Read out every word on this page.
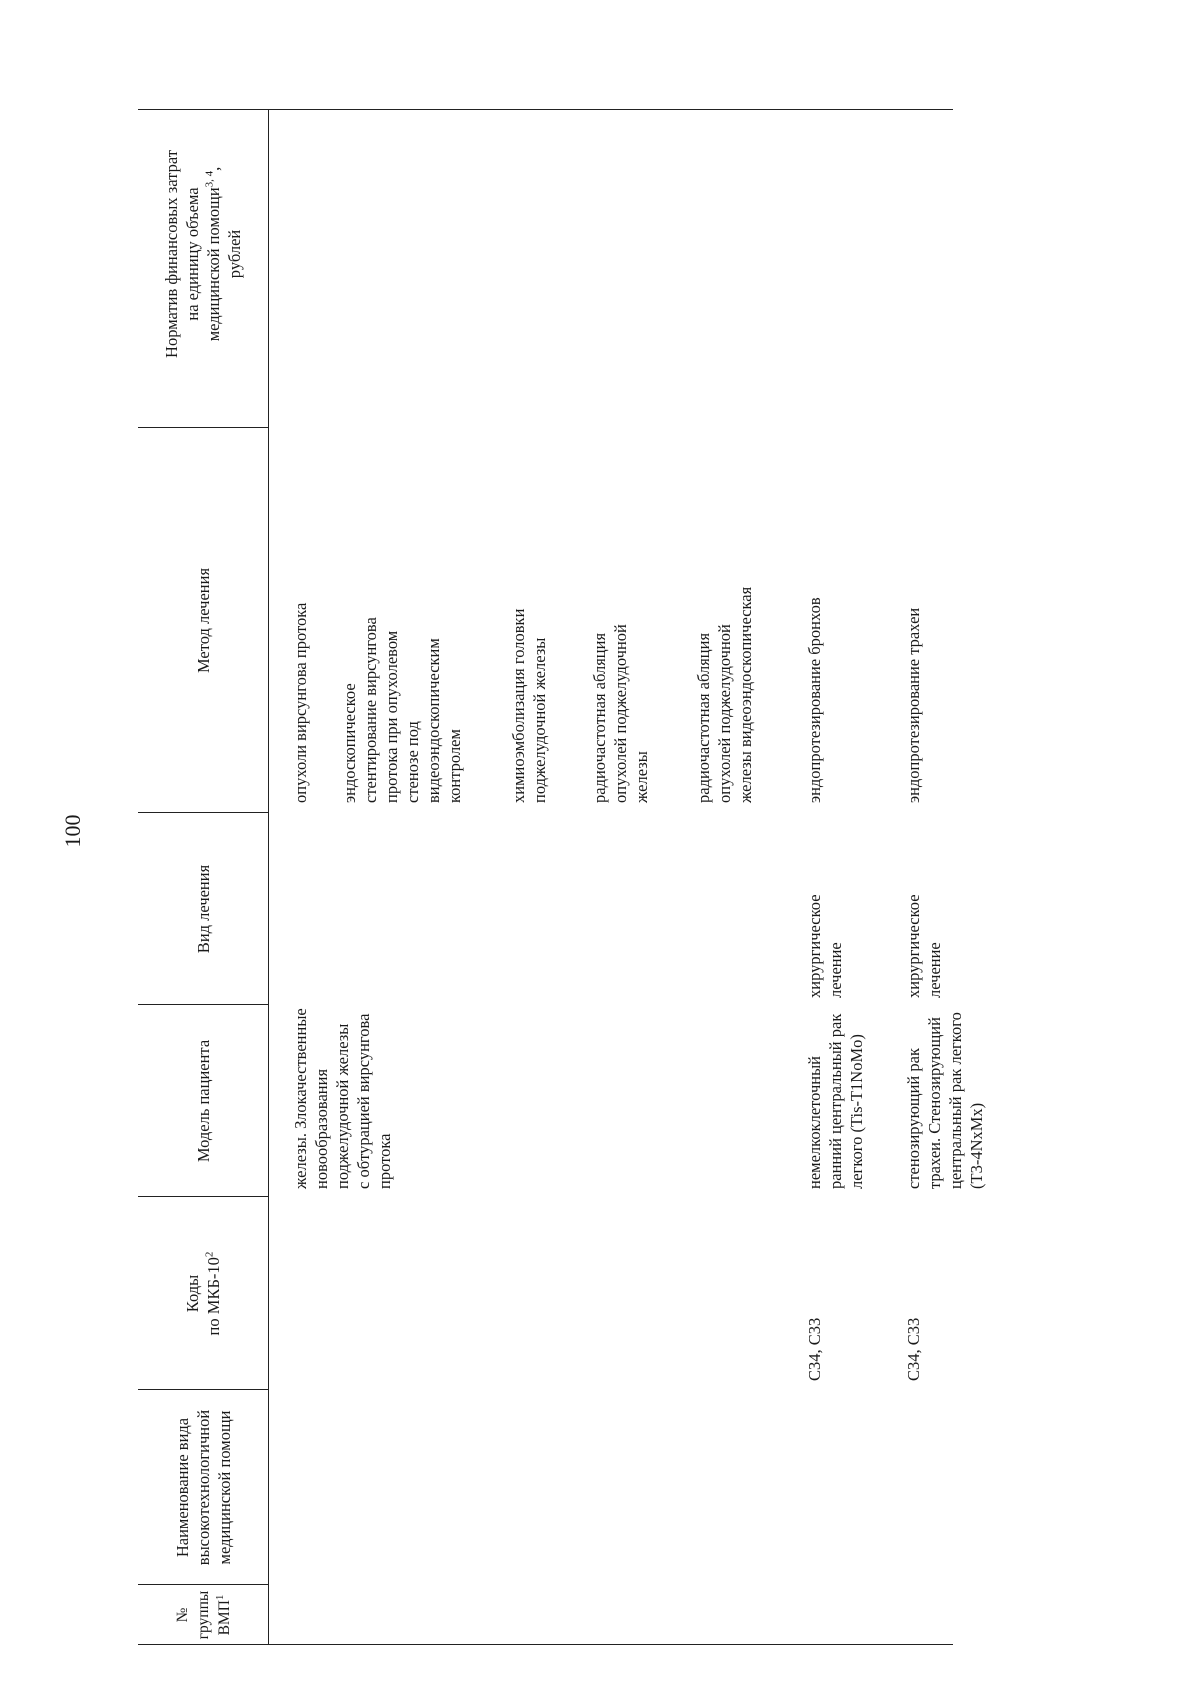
100
№
группы
ВМП$^1$
Наименование вида высокотехнологичной медицинской помощи
Коды
по МКБ-$10^2$
Модель пациента
Вид лечения
Метод лечения
Норматив финансовых затрат на единицу объема медицинской помощи$^{3, 4}$,
рублей
железы. Злокачественные
новообразования
поджелудочной железы
с обтурацией вирсунгова
протока
опухоли вирсунгова протока эндоскопическое
стентирование вирсунгова
протока при опухолевом
стенозе под
видеоэндоскопическим
контролем	химиоэмболизация головки
поджелудочной железы
радиочастотная абляция
опухолей поджелудочной
железы	радиочастотная абляция
опухолей поджелудочной
железы видеоэндоскопическая
C34, C33
немелкоклеточный
ранний центральный рак
легкого (Tis-T1NoMo)
хирургическое
лечение
эндопротезирование бронхов
C34, C33
стенозирующий рак
трахеи. Стенозирующий
центральный рак легкого
(T3-4NxMx)
хирургическое
лечение
эндопротезирование трахеи
